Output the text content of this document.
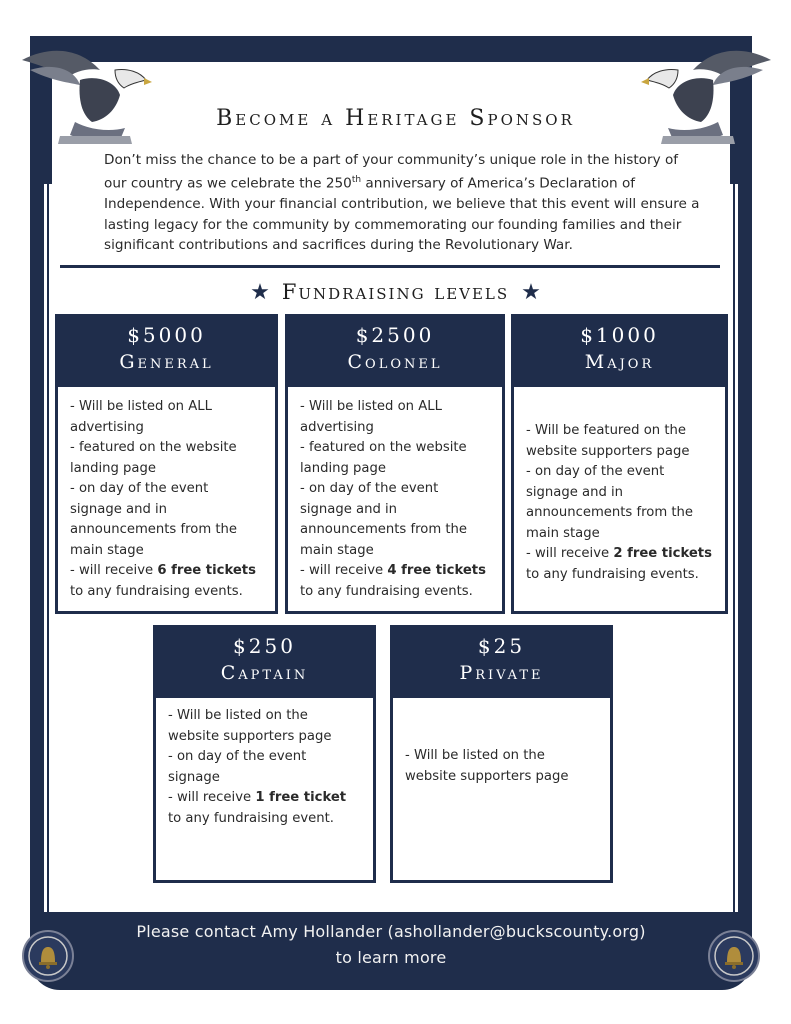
Become a Heritage Sponsor
Don’t miss the chance to be a part of your community’s unique role in the history of our country as we celebrate the 250th anniversary of America’s Declaration of Independence. With your financial contribution, we believe that this event will ensure a lasting legacy for the community by commemorating our founding families and their significant contributions and sacrifices during the Revolutionary War.
★ Fundraising levels ★
$5000
General
- Will be listed on ALL advertising
- featured on the website landing page
- on day of the event signage and in announcements from the main stage
- will receive 6 free tickets to any fundraising events.
$2500
Colonel
- Will be listed on ALL advertising
- featured on the website landing page
- on day of the event signage and in announcements from the main stage
- will receive 4 free tickets to any fundraising events.
$1000
Major
- Will be featured on the website supporters page
- on day of the event signage and in announcements from the main stage
- will receive 2 free tickets to any fundraising events.
$250
Captain
- Will be listed on the website supporters page
- on day of the event signage
- will receive 1 free ticket to any fundraising event.
$25
Private
- Will be listed on the website supporters page
Please contact Amy Hollander (ashollander@buckscounty.org)
to learn more
